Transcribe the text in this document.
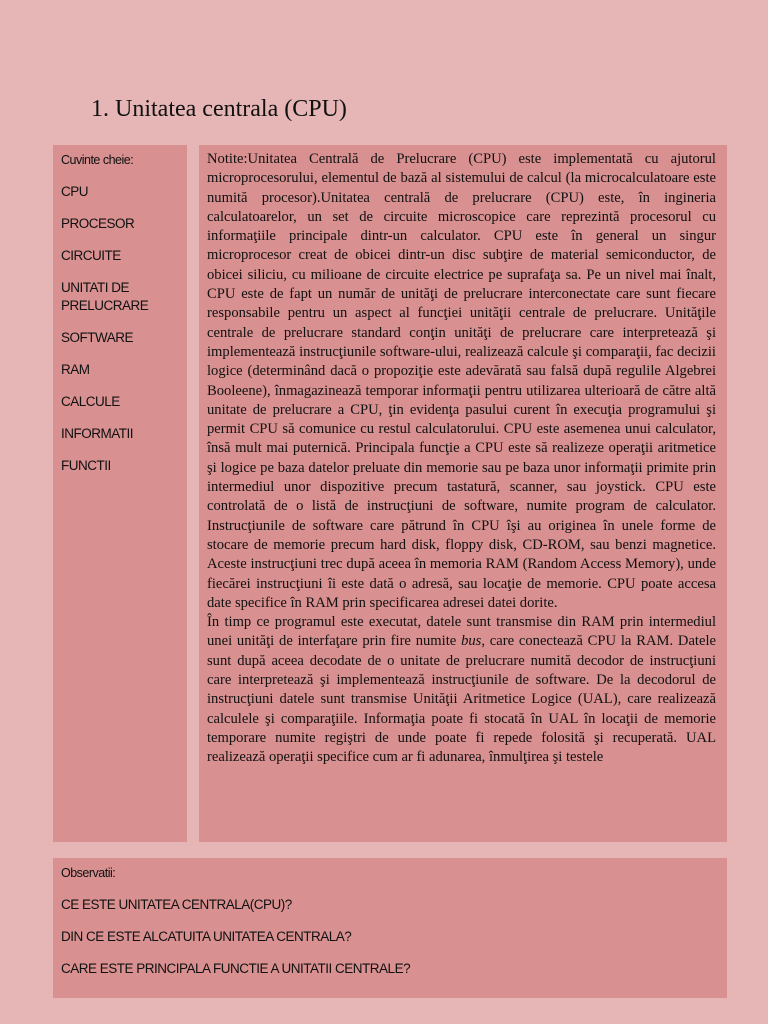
1. Unitatea centrala (CPU)
Cuvinte cheie:
CPU
PROCESOR
CIRCUITE
UNITATI DE PRELUCRARE
SOFTWARE
RAM
CALCULE
INFORMATII
FUNCTII

Notite:Unitatea Centrală de Prelucrare (CPU) este implementată cu ajutorul microprocesorului, elementul de bază al sistemului de calcul (la microcalculatoare este numită procesor).Unitatea centrală de prelucrare (CPU) este, în ingineria calculatoarelor, un set de circuite microscopice care reprezintă procesorul cu informaţiile principale dintr-un calculator. CPU este în general un singur microprocesor creat de obicei dintr-un disc subţire de material semiconductor, de obicei siliciu, cu milioane de circuite electrice pe suprafaţa sa. Pe un nivel mai înalt, CPU este de fapt un număr de unităţi de prelucrare interconectate care sunt fiecare responsabile pentru un aspect al funcţiei unităţii centrale de prelucrare. Unităţile centrale de prelucrare standard conţin unităţi de prelucrare care interpretează şi implementează instrucţiunile software-ului, realizează calcule şi comparaţii, fac decizii logice (determinând dacă o propoziţie este adevărată sau falsă după regulile Algebrei Booleene), înmagazinează temporar informaţii pentru utilizarea ulterioară de către altă unitate de prelucrare a CPU, ţin evidenţa pasului curent în execuţia programului şi permit CPU să comunice cu restul calculatorului. CPU este asemenea unui calculator, însă mult mai puternică. Principala funcţie a CPU este să realizeze operaţii aritmetice şi logice pe baza datelor preluate din memorie sau pe baza unor informaţii primite prin intermediul unor dispozitive precum tastatură, scanner, sau joystick. CPU este controlată de o listă de instrucţiuni de software, numite program de calculator. Instrucţiunile de software care pătrund în CPU îşi au originea în unele forme de stocare de memorie precum hard disk, floppy disk, CD-ROM, sau benzi magnetice. Aceste instrucţiuni trec după aceea în memoria RAM (Random Access Memory), unde fiecărei instrucţiuni îi este dată o adresă, sau locaţie de memorie. CPU poate accesa date specifice în RAM prin specificarea adresei datei dorite.

În timp ce programul este executat, datele sunt transmise din RAM prin intermediul unei unităţi de interfaţare prin fire numite bus, care conectează CPU la RAM. Datele sunt după aceea decodate de o unitate de prelucrare numită decodor de instrucţiuni care interpretează şi implementează instrucţiunile de software. De la decodorul de instrucţiuni datele sunt transmise Unităţii Aritmetice Logice (UAL), care realizează calculele şi comparaţiile. Informaţia poate fi stocată în UAL în locaţii de memorie temporare numite regiştri de unde poate fi repede folosită şi recuperată. UAL realizează operaţii specifice cum ar fi adunarea, înmulţirea şi testele

Observatii:
CE ESTE UNITATEA CENTRALA(CPU)?
DIN CE ESTE ALCATUITA UNITATEA CENTRALA?
CARE ESTE PRINCIPALA FUNCTIE A UNITATII CENTRALE?
